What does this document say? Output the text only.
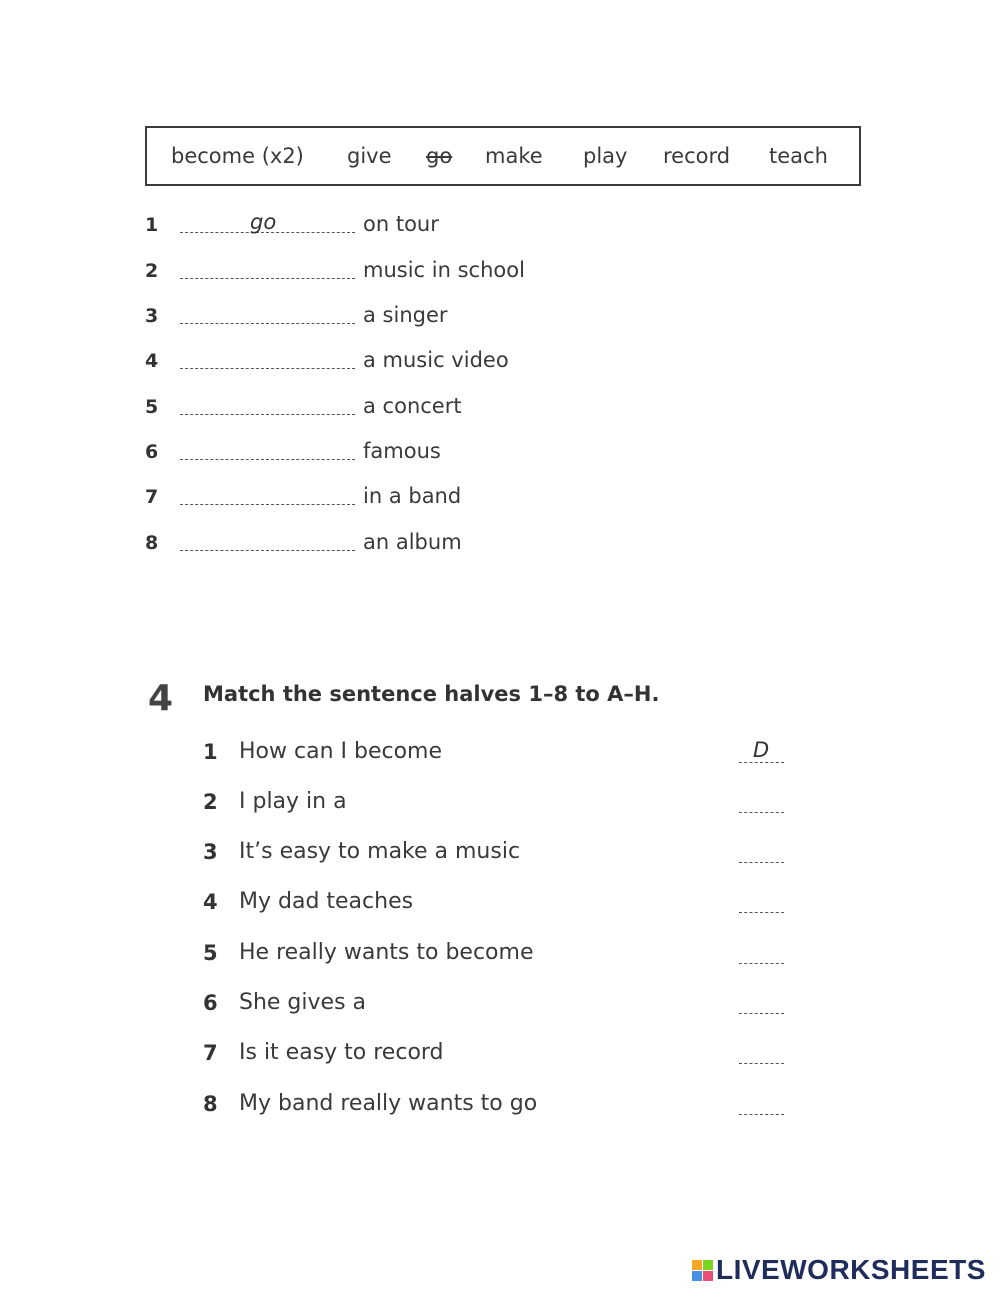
become (x2) give go make play record teach
1	go	on tour
2	music in school
3	a singer
4	a music video
5	a concert
6	famous
7	in a band
8	an album
4 Match the sentence halves 1–8 to A–H.
1 How can I become	D
2 I play in a
3 It’s easy to make a music
4 My dad teaches
5 He really wants to become
6 She gives a
7 Is it easy to record
8 My band really wants to go
LIVEWORKSHEETS
